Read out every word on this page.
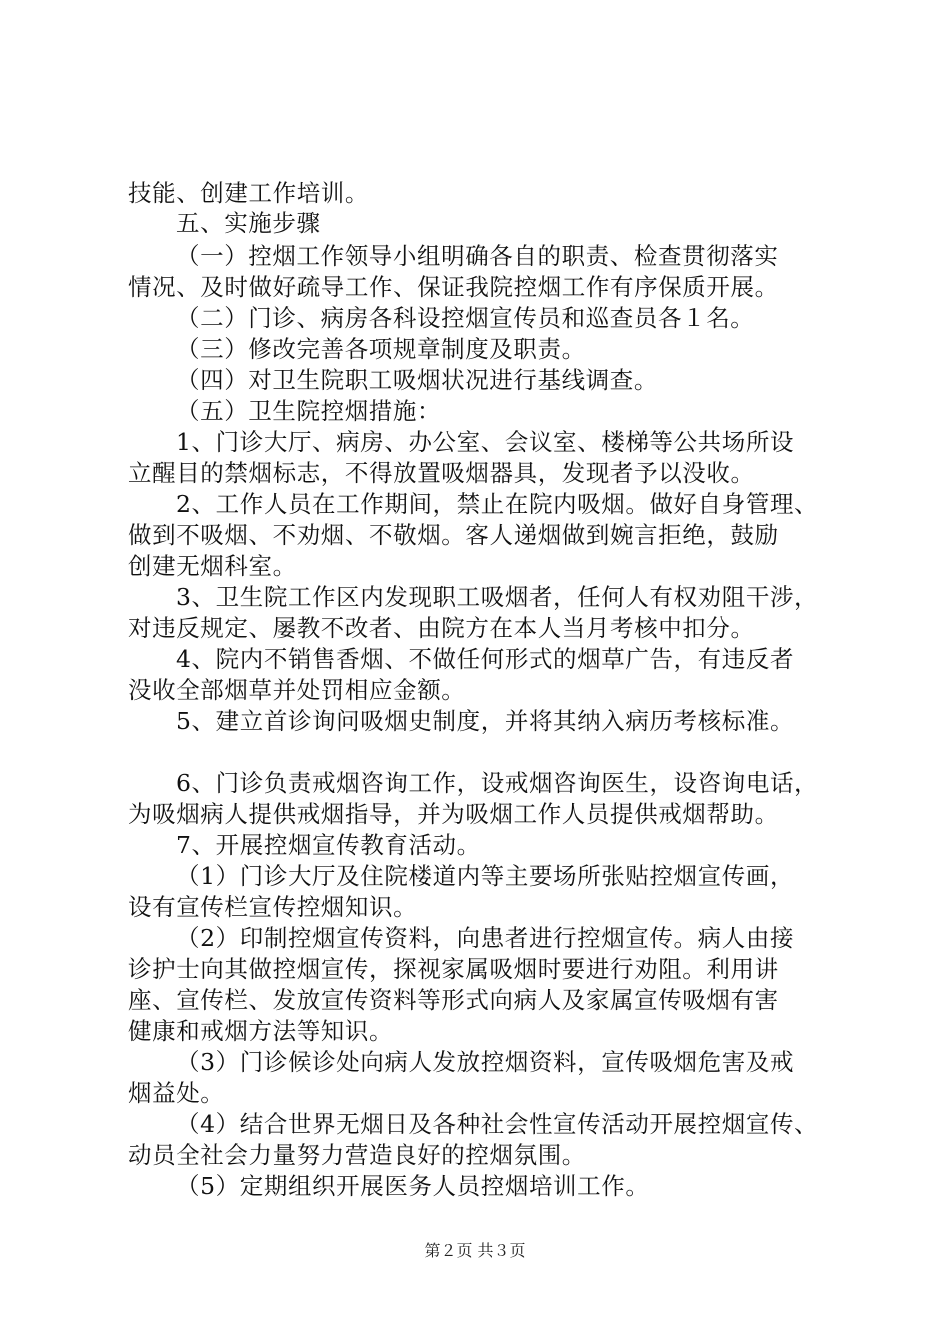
技能、创建工作培训。
五、实施步骤
（一）控烟工作领导小组明确各自的职责、检查贯彻落实
情况、及时做好疏导工作、保证我院控烟工作有序保质开展。
（二）门诊、病房各科设控烟宣传员和巡查员各１名。
（三）修改完善各项规章制度及职责。
（四）对卫生院职工吸烟状况进行基线调查。
（五）卫生院控烟措施：
1、门诊大厅、病房、办公室、会议室、楼梯等公共场所设
立醒目的禁烟标志，不得放置吸烟器具，发现者予以没收。
2、工作人员在工作期间，禁止在院内吸烟。做好自身管理、
做到不吸烟、不劝烟、不敬烟。客人递烟做到婉言拒绝，鼓励
创建无烟科室。
3、卫生院工作区内发现职工吸烟者，任何人有权劝阻干涉，
对违反规定、屡教不改者、由院方在本人当月考核中扣分。
4、院内不销售香烟、不做任何形式的烟草广告，有违反者
没收全部烟草并处罚相应金额。
5、建立首诊询问吸烟史制度，并将其纳入病历考核标准。
6、门诊负责戒烟咨询工作，设戒烟咨询医生，设咨询电话，
为吸烟病人提供戒烟指导，并为吸烟工作人员提供戒烟帮助。
7、开展控烟宣传教育活动。
（1）门诊大厅及住院楼道内等主要场所张贴控烟宣传画，
设有宣传栏宣传控烟知识。
（2）印制控烟宣传资料，向患者进行控烟宣传。病人由接
诊护士向其做控烟宣传，探视家属吸烟时要进行劝阻。利用讲
座、宣传栏、发放宣传资料等形式向病人及家属宣传吸烟有害
健康和戒烟方法等知识。
（3）门诊候诊处向病人发放控烟资料，宣传吸烟危害及戒
烟益处。
（4）结合世界无烟日及各种社会性宣传活动开展控烟宣传、
动员全社会力量努力营造良好的控烟氛围。
（5）定期组织开展医务人员控烟培训工作。
第２页 共３页
